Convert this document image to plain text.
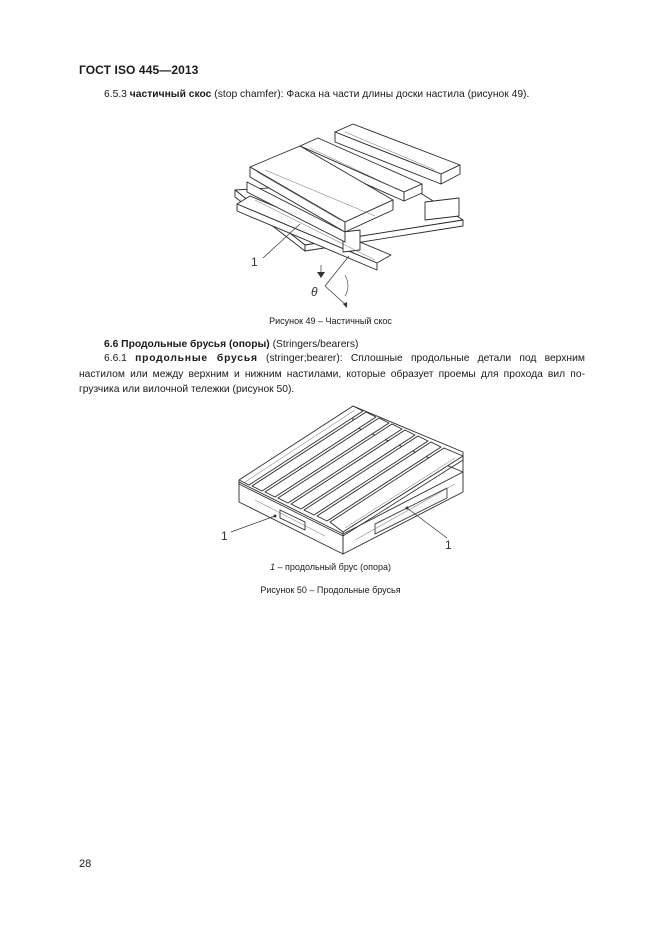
ГОСТ ISO 445—2013
6.5.3 частичный скос (stop chamfer): Фаска на части длины доски настила (рисунок 49).
1
θ
Рисунок 49 – Частичный скос
6.6 Продольные брусья (опоры) (Stringers/bearers)
6.6.1 продольные брусья (stringer;bearer): Сплошные продольные детали под верхним
настилом или между верхним и нижним настилами, которые образует проемы для прохода вил по-
грузчика или вилочной тележки (рисунок 50).
1
1
1 – продольный брус (опора)
Рисунок 50 – Продольные брусья
28
